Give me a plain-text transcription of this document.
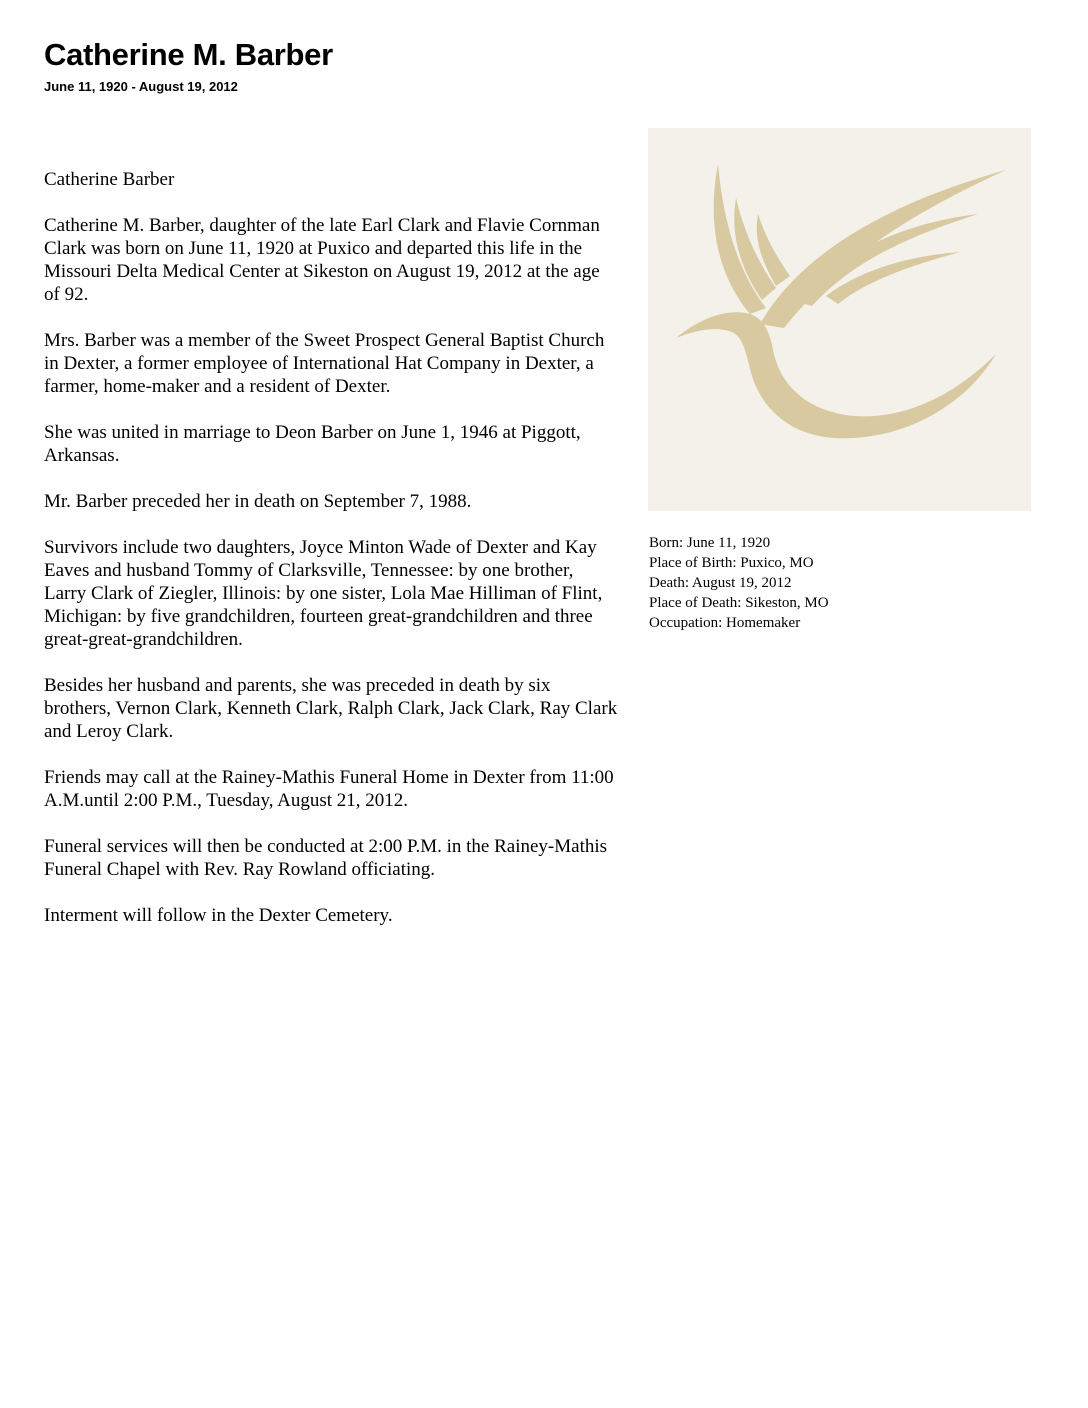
Catherine M. Barber
June 11, 1920 - August 19, 2012

Catherine Barber

Catherine M. Barber, daughter of the late Earl Clark and Flavie Cornman Clark was born on June 11, 1920 at Puxico and departed this life in the Missouri Delta Medical Center at Sikeston on August 19, 2012 at the age of 92.

Mrs. Barber was a member of the Sweet Prospect General Baptist Church in Dexter, a former employee of International Hat Company in Dexter, a farmer, home-maker and a resident of Dexter.

She was united in marriage to Deon Barber on June 1, 1946 at Piggott, Arkansas.

Mr. Barber preceded her in death on September 7, 1988.

Survivors include two daughters, Joyce Minton Wade of Dexter and Kay Eaves and husband Tommy of Clarksville, Tennessee: by one brother, Larry Clark of Ziegler, Illinois: by one sister, Lola Mae Hilliman of Flint, Michigan: by five grandchildren, fourteen great-grandchildren and three great-great-grandchildren.

Besides her husband and parents, she was preceded in death by six brothers, Vernon Clark, Kenneth Clark, Ralph Clark, Jack Clark, Ray Clark and Leroy Clark.

Friends may call at the Rainey-Mathis Funeral Home in Dexter from 11:00 A.M.until 2:00 P.M., Tuesday, August 21, 2012.

Funeral services will then be conducted at 2:00 P.M. in the Rainey-Mathis Funeral Chapel with Rev. Ray Rowland officiating.

Interment will follow in the Dexter Cemetery.

Born: June 11, 1920
Place of Birth: Puxico, MO
Death: August 19, 2012
Place of Death: Sikeston, MO
Occupation: Homemaker
